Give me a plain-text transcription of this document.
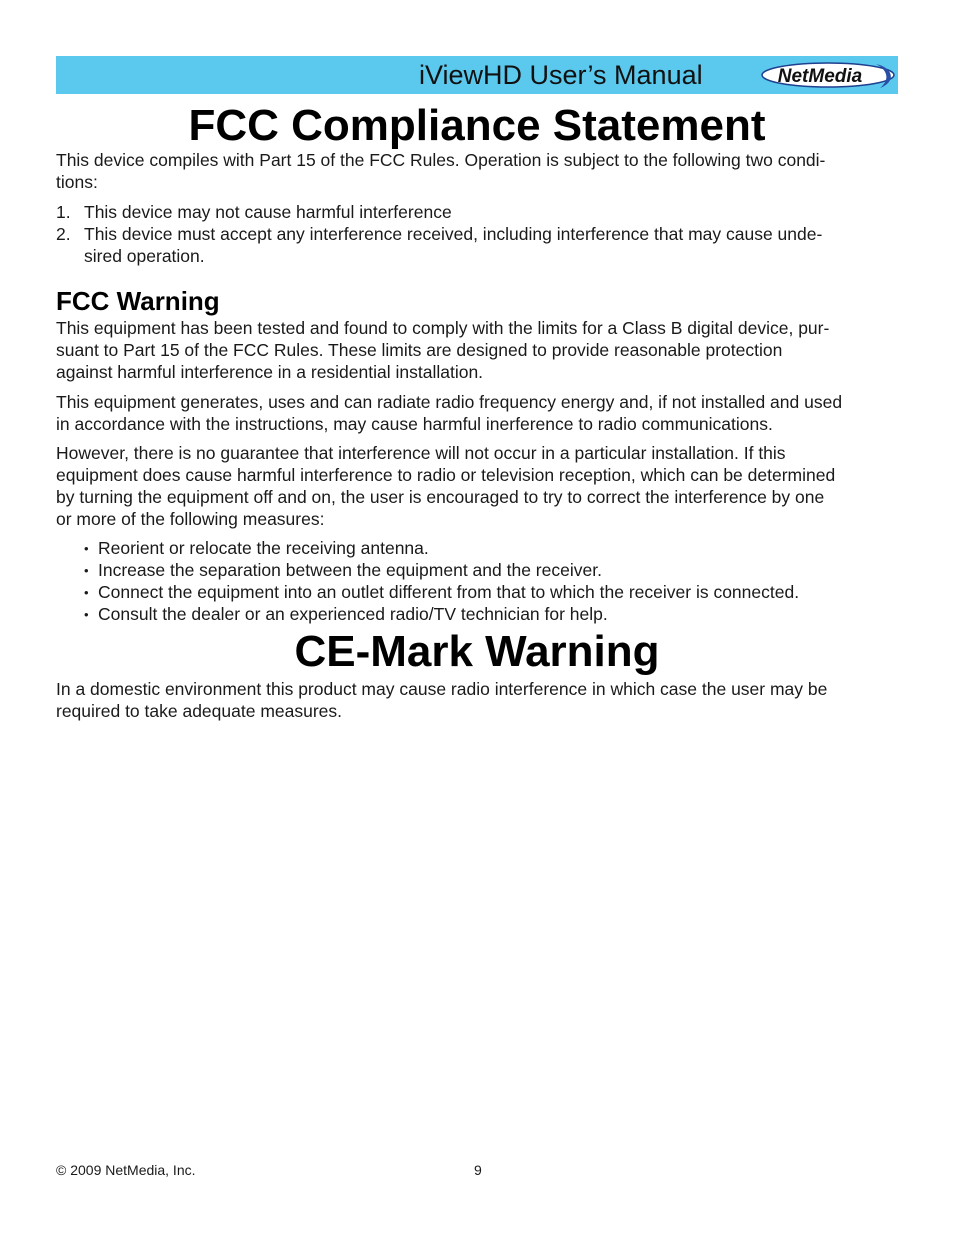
iViewHD User’s Manual	NetMedia
FCC Compliance Statement
This device compiles with Part 15 of the FCC Rules. Operation is subject to the following two condi-
tions:
1. This device may not cause harmful interference
2. This device must accept any interference received, including interference that may cause unde-
sired operation.
FCC Warning
This equipment has been tested and found to comply with the limits for a Class B digital device, pur-
suant to Part 15 of the FCC Rules. These limits are designed to provide reasonable protection
against harmful interference in a residential installation.
This equipment generates, uses and can radiate radio frequency energy and, if not installed and used
in accordance with the instructions, may cause harmful inerference to radio communications.
However, there is no guarantee that interference will not occur in a particular installation. If this
equipment does cause harmful interference to radio or television reception, which can be determined
by turning the equipment off and on, the user is encouraged to try to correct the interference by one
or more of the following measures:
• Reorient or relocate the receiving antenna.
• Increase the separation between the equipment and the receiver.
• Connect the equipment into an outlet different from that to which the receiver is connected.
• Consult the dealer or an experienced radio/TV technician for help.
CE-Mark Warning
In a domestic environment this product may cause radio interference in which case the user may be
required to take adequate measures.
© 2009 NetMedia, Inc.	9
